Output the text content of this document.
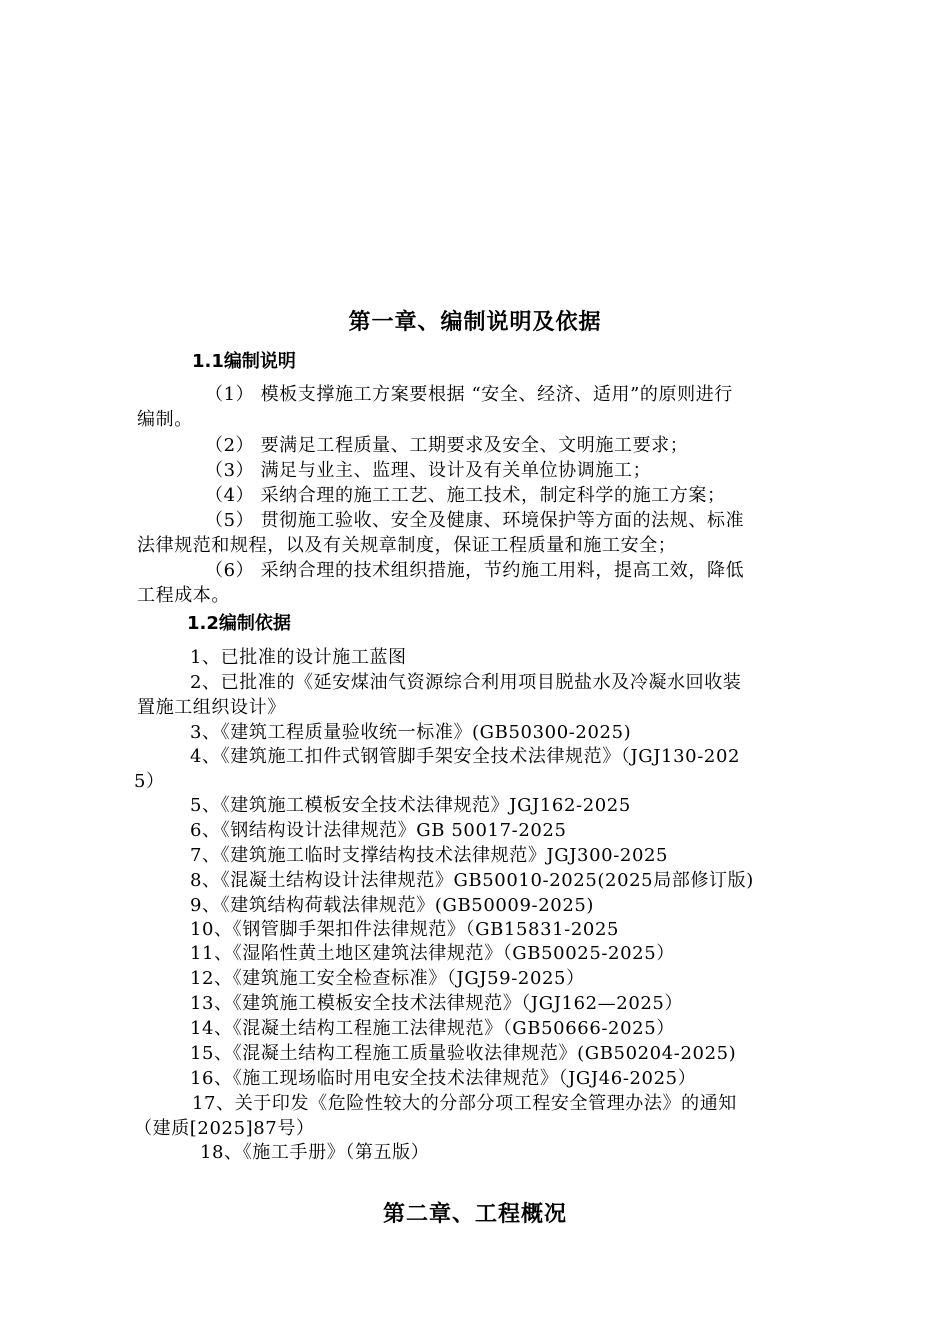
第一章、编制说明及依据
1.1编制说明
（1） 模板支撑施工方案要根据 “安全、经济、适用”的原则进行
编制。
（2） 要满足工程质量、工期要求及安全、文明施工要求；
（3） 满足与业主、监理、设计及有关单位协调施工；
（4） 采纳合理的施工工艺、施工技术，制定科学的施工方案；
（5） 贯彻施工验收、安全及健康、环境保护等方面的法规、标准
法律规范和规程，以及有关规章制度，保证工程质量和施工安全；
（6） 采纳合理的技术组织措施，节约施工用料，提高工效，降低
工程成本。
1.2编制依据
1、已批准的设计施工蓝图
2、已批准的《延安煤油气资源综合利用项目脱盐水及冷凝水回收装
置施工组织设计》
3、《建筑工程质量验收统一标准》(GB50300-2025)
4、《建筑施工扣件式钢管脚手架安全技术法律规范》（JGJ130-202
5）
5、《建筑施工模板安全技术法律规范》JGJ162-2025
6、《钢结构设计法律规范》GB 50017-2025
7、《建筑施工临时支撑结构技术法律规范》JGJ300-2025
8、《混凝土结构设计法律规范》GB50010-2025(2025局部修订版)
9、《建筑结构荷载法律规范》(GB50009-2025)
10、《钢管脚手架扣件法律规范》（GB15831-2025
11、《湿陷性黄土地区建筑法律规范》（GB50025-2025）
12、《建筑施工安全检查标准》（JGJ59-2025）
13、《建筑施工模板安全技术法律规范》（JGJ162—2025）
14、《混凝土结构工程施工法律规范》（GB50666-2025）
15、《混凝土结构工程施工质量验收法律规范》(GB50204-2025)
16、《施工现场临时用电安全技术法律规范》（JGJ46-2025）
17、关于印发《危险性较大的分部分项工程安全管理办法》的通知
（建质[2025]87号）
18、《施工手册》（第五版）
第二章、工程概况
